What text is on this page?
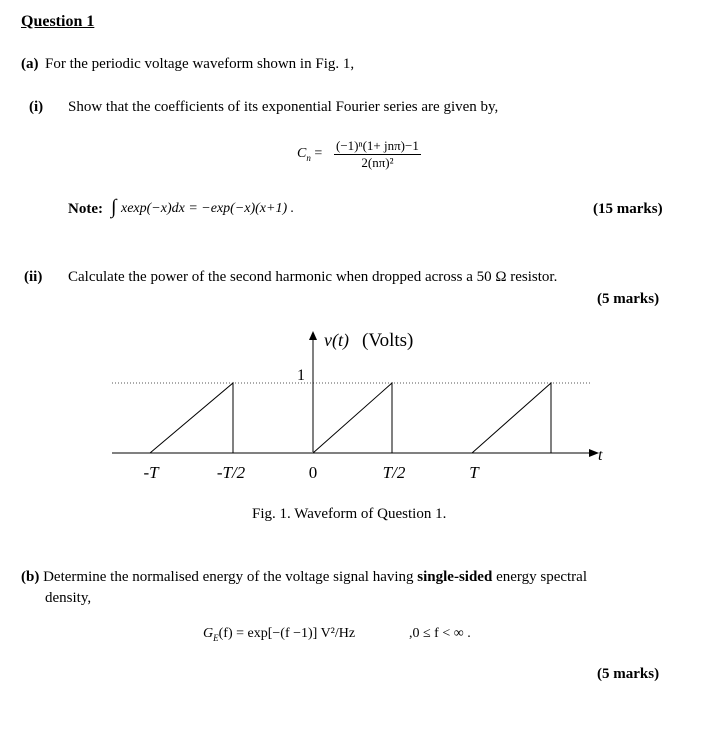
Question 1
(a) For the periodic voltage waveform shown in Fig. 1,
(i) Show that the coefficients of its exponential Fourier series are given by,
$C_n$ =
(−1)ⁿ(1+ jnπ)−1
2(nπ)²
Note: ∫ xexp(−x)dx = −exp(−x)(x+1) .	(15 marks)
(ii) Calculate the power of the second harmonic when dropped across a 50 Ω resistor.
(5 marks)
1
v(t) (Volts)
t
-T	-T/2	0	T/2	T
Fig. 1. Waveform of Question 1.
(b) Determine the normalised energy of the voltage signal having single-sided energy spectral
density,
$G_E(f) = \exp[-(f -1)]$ V²/Hz	,0 ≤ f < ∞ .
(5 marks)
